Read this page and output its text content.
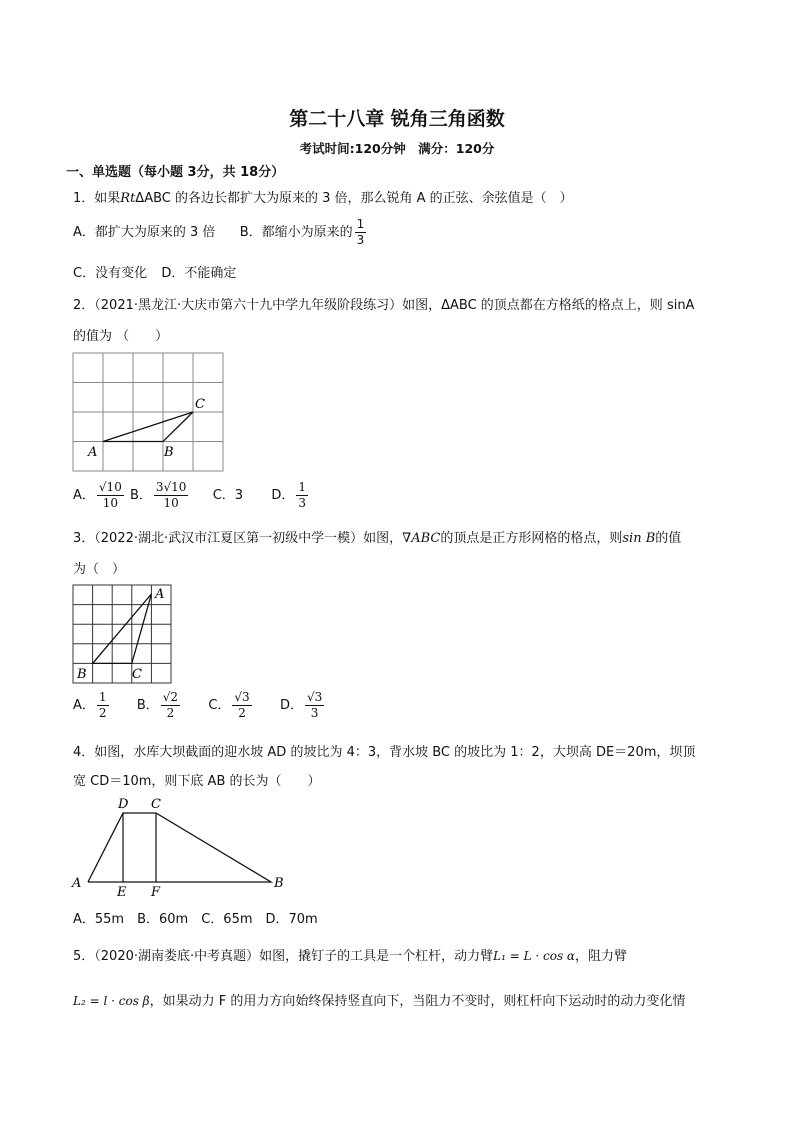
第二十八章 锐角三角函数
考试时间:120分钟　满分：120分
一、单选题（每小题 3分，共 18分）
1．如果RtΔABC 的各边长都扩大为原来的 3 倍，那么锐角 A 的正弦、余弦值是（　）
A．都扩大为原来的 3 倍 B．都缩小为原来的 $\frac{1}{3}$
C．没有变化 D．不能确定
2．（2021·黑龙江·大庆市第六十九中学九年级阶段练习）如图，ΔABC 的顶点都在方格纸的格点上，则 sinA
的值为 （　　）
A	B
C
A． $\frac{√10}{10}$ B． $\frac{3√10}{10}$ C．3 D． $\frac{1}{3}$
3．（2022·湖北·武汉市江夏区第一初级中学一模）如图，∇ABC的顶点是正方形网格的格点，则sin B的值
为（　）
A
B	C
A． $\frac{1}{2}$ B． $\frac{√2}{2}$ C． $\frac{√3}{2}$ D． $\frac{√3}{3}$
4．如图，水库大坝截面的迎水坡 AD 的坡比为 4：3，背水坡 BC 的坡比为 1：2，大坝高 DE＝20m，坝顶
宽 CD＝10m，则下底 AB 的长为（　　）
D C
A	B
E F
A．55m　B．60m　C．65m　D．70m
5．（2020·湖南娄底·中考真题）如图，撬钉子的工具是一个杠杆，动力臂L₁ = L · cos α，阻力臂
L₂ = l · cos β，如果动力 F 的用力方向始终保持竖直向下，当阻力不变时，则杠杆向下运动时的动力变化情
